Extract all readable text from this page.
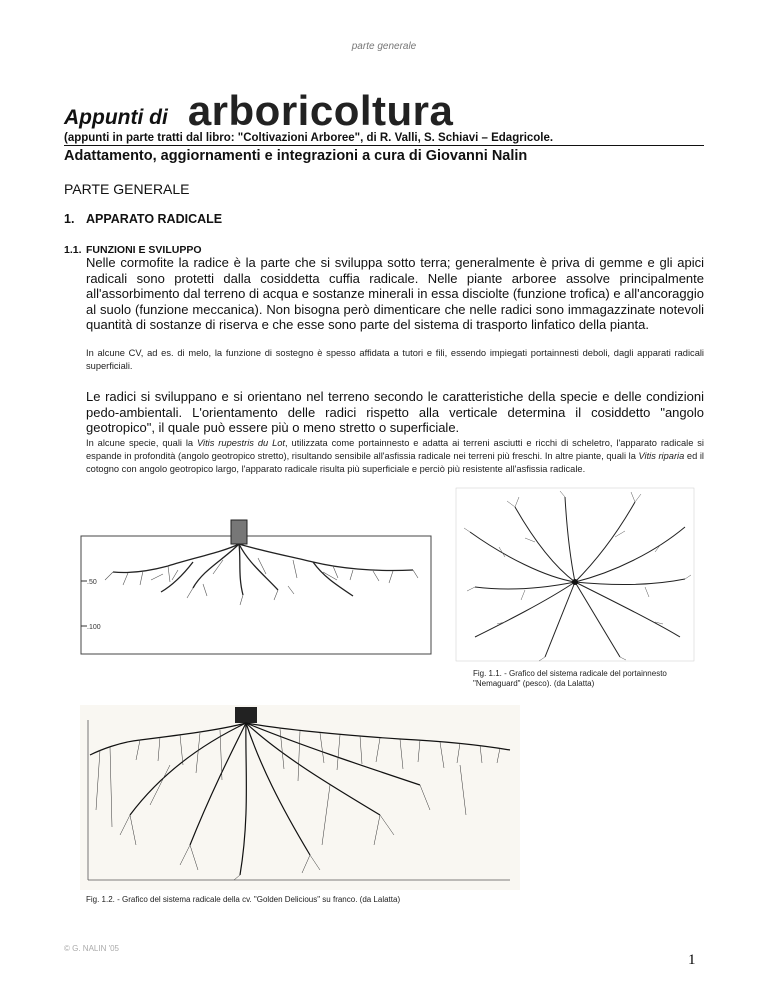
parte generale
Appunti di arboricoltura
(appunti in parte tratti dal libro: "Coltivazioni Arboree", di R. Valli, S. Schiavi – Edagricole.
Adattamento, aggiornamenti e integrazioni a cura di Giovanni Nalin
PARTE GENERALE
1. APPARATO RADICALE
1.1. FUNZIONI E SVILUPPO
Nelle cormofite la radice è la parte che si sviluppa sotto terra; generalmente è priva di gemme e gli apici radicali sono protetti dalla cosiddetta cuffia radicale. Nelle piante arboree assolve principalmente all'assorbimento dal terreno di acqua e sostanze minerali in essa disciolte (funzione trofica) e all'ancoraggio al suolo (funzione meccanica). Non bisogna però dimenticare che nelle radici sono immagazzinate notevoli quantità di sostanze di riserva e che esse sono parte del sistema di trasporto linfatico della pianta.
In alcune CV, ad es. di melo, la funzione di sostegno è spesso affidata a tutori e fili, essendo impiegati portainnesti deboli, dagli apparati radicali superficiali.
Le radici si sviluppano e si orientano nel terreno secondo le caratteristiche della specie e delle condizioni pedo-ambientali. L'orientamento delle radici rispetto alla verticale determina il cosiddetto "angolo geotropico", il quale può essere più o meno stretto o superficiale.
In alcune specie, quali la Vitis rupestris du Lot, utilizzata come portainnesto e adatta ai terreni asciutti e ricchi di scheletro, l'apparato radicale si espande in profondità (angolo geotropico stretto), risultando sensibile all'asfissia radicale nei terreni più freschi. In altre piante, quali la Vitis riparia ed il cotogno con angolo geotropico largo, l'apparato radicale risulta più superficiale e perciò più resistente all'asfissia radicale.
.50
.100
Fig. 1.1. - Grafico del sistema radicale del portainnesto
"Nemaguard" (pesco). (da Lalatta)
Fig. 1.2. - Grafico del sistema radicale della cv. "Golden Delicious" su franco. (da Lalatta)
© G. NALIN '05
1
